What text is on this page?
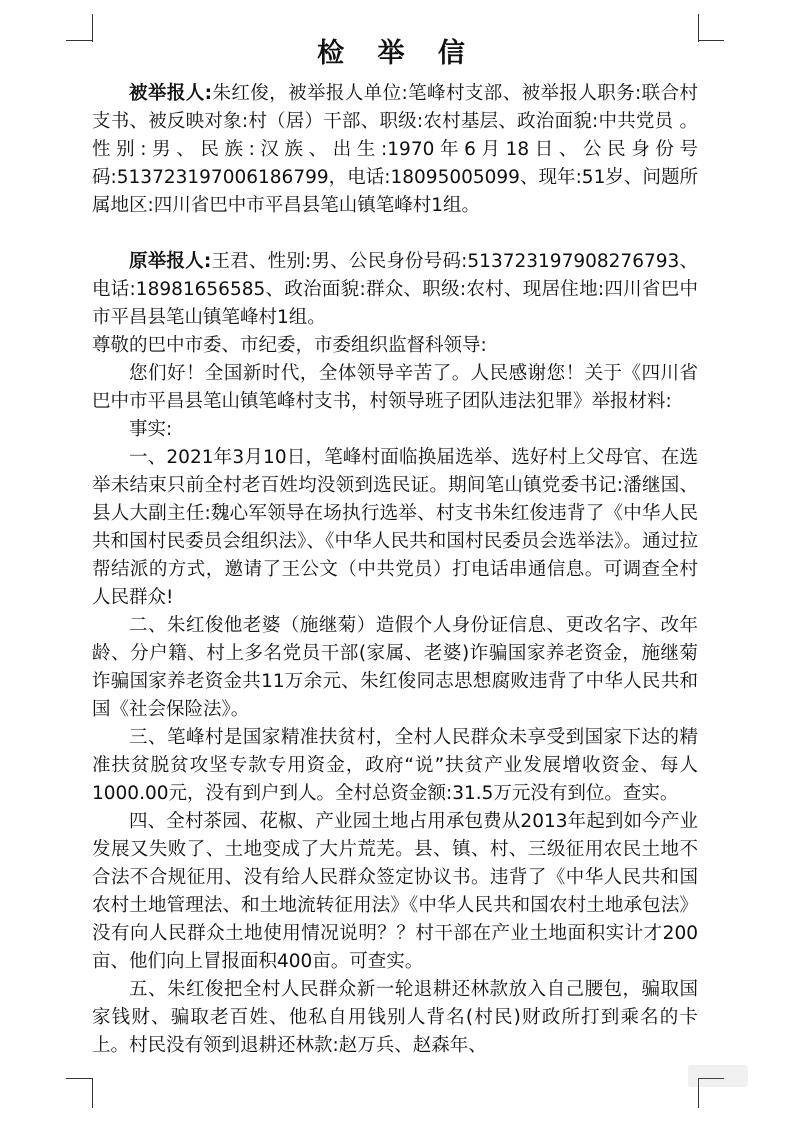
检 举 信

被举报人:朱红俊，被举报人单位:笔峰村支部、被举报人职务:联合村支书、被反映对象:村（居）干部、职级:农村基层、政治面貌:中共党员 。性别:男、民族:汉族、出生:1970年6月18日、公民身份号码:513723197006186799，电话:18095005099、现年:51岁、问题所属地区:四川省巴中市平昌县笔山镇笔峰村1组。

原举报人:王君、性别:男、公民身份号码:513723197908276793、电话:18981656585、政治面貌:群众、职级:农村、现居住地:四川省巴中市平昌县笔山镇笔峰村1组。

尊敬的巴中市委、市纪委，市委组织监督科领导:

您们好！全国新时代，全体领导辛苦了。人民感谢您！关于《四川省巴中市平昌县笔山镇笔峰村支书，村领导班子团队违法犯罪》举报材料:

事实:

一、2021年3月10日，笔峰村面临换届选举、选好村上父母官、在选举未结束只前全村老百姓均没领到选民证。期间笔山镇党委书记:潘继国、县人大副主任:魏心军领导在场执行选举、村支书朱红俊违背了《中华人民共和国村民委员会组织法》、《中华人民共和国村民委员会选举法》。通过拉帮结派的方式，邀请了王公文（中共党员）打电话串通信息。可调查全村人民群众!

二、朱红俊他老婆（施继菊）造假个人身份证信息、更改名字、改年龄、分户籍、村上多名党员干部(家属、老婆)诈骗国家养老资金，施继菊诈骗国家养老资金共11万余元、朱红俊同志思想腐败违背了中华人民共和国《社会保险法》。

三、笔峰村是国家精准扶贫村，全村人民群众未享受到国家下达的精准扶贫脱贫攻坚专款专用资金，政府“说”扶贫产业发展增收资金、每人1000.00元，没有到户到人。全村总资金额:31.5万元没有到位。查实。

四、全村茶园、花椒、产业园土地占用承包费从2013年起到如今产业发展又失败了、土地变成了大片荒芜。县、镇、村、三级征用农民土地不合法不合规征用、没有给人民群众签定协议书。违背了《中华人民共和国农村土地管理法、和土地流转征用法》《中华人民共和国农村土地承包法》没有向人民群众土地使用情况说明？？村干部在产业土地面积实计才200亩、他们向上冒报面积400亩。可查实。

五、朱红俊把全村人民群众新一轮退耕还林款放入自己腰包，骗取国家钱财、骗取老百姓、他私自用钱别人背名(村民)财政所打到乘名的卡上。村民没有领到退耕还林款:赵万兵、赵森年、
